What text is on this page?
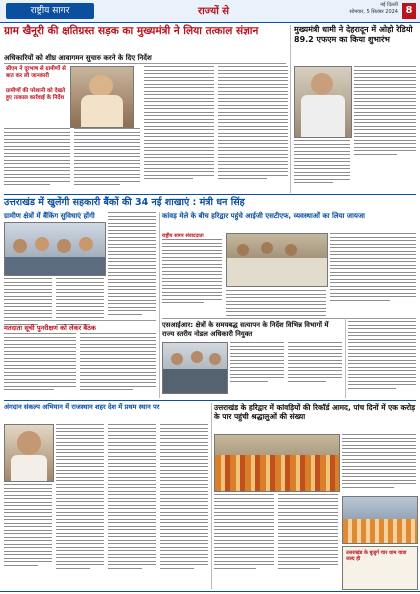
राष्ट्रीय सागर	राज्यों से
नई दिल्ली
सोमवार, 5 सितंबर 2024 8
ग्राम खैनूरी की क्षतिग्रस्त सड़क का मुख्यमंत्री ने लिया तत्काल संज्ञान
अधिकारियों को शीघ्र आवागमन सुचारु करने के दिए निर्देश
सीएम ने दूरभाष से ग्रामीणों से बात कर ली जानकारी
ग्रामीणों की परेशानी को देखते हुए तत्काल कार्रवाई के निर्देश
मुख्यमंत्री धामी ने देहरादून में ओहो रेडियो 89.2 एफएम का किया शुभारंभ
उत्तराखंड में खुलेंगी सहकारी बैंकों की 34 नई शाखाएं : मंत्री धन सिंह
ग्रामीण क्षेत्रों में बैंकिंग सुविधाएं होंगी
मतदाता सूची पुनरीक्षण को लेकर बैठक
कांवड़ मेले के बीच हरिद्वार पहुंचे आईजी एसटीएफ, व्यवस्थाओं का लिया जायजा
राष्ट्रीय सागर संवाददाता
एसआईआर: क्षेत्रों के समयबद्ध सत्यापन के निर्देश विभिन्न विभागों में राज्य स्तरीय नोडल अधिकारी नियुक्त
अंगदान संकल्प अभियान में राजस्थान शहर देश में प्रथम स्थान पर	उत्तराखंड के हरिद्वार में कांवड़ियों की रिकॉर्ड आमद, पांच दिनों में एक करोड़ के पार पहुंची श्रद्धालुओं की संख्या
उत्तराखंड के बुजुर्ग चार धाम यात्रा जल्द ही
